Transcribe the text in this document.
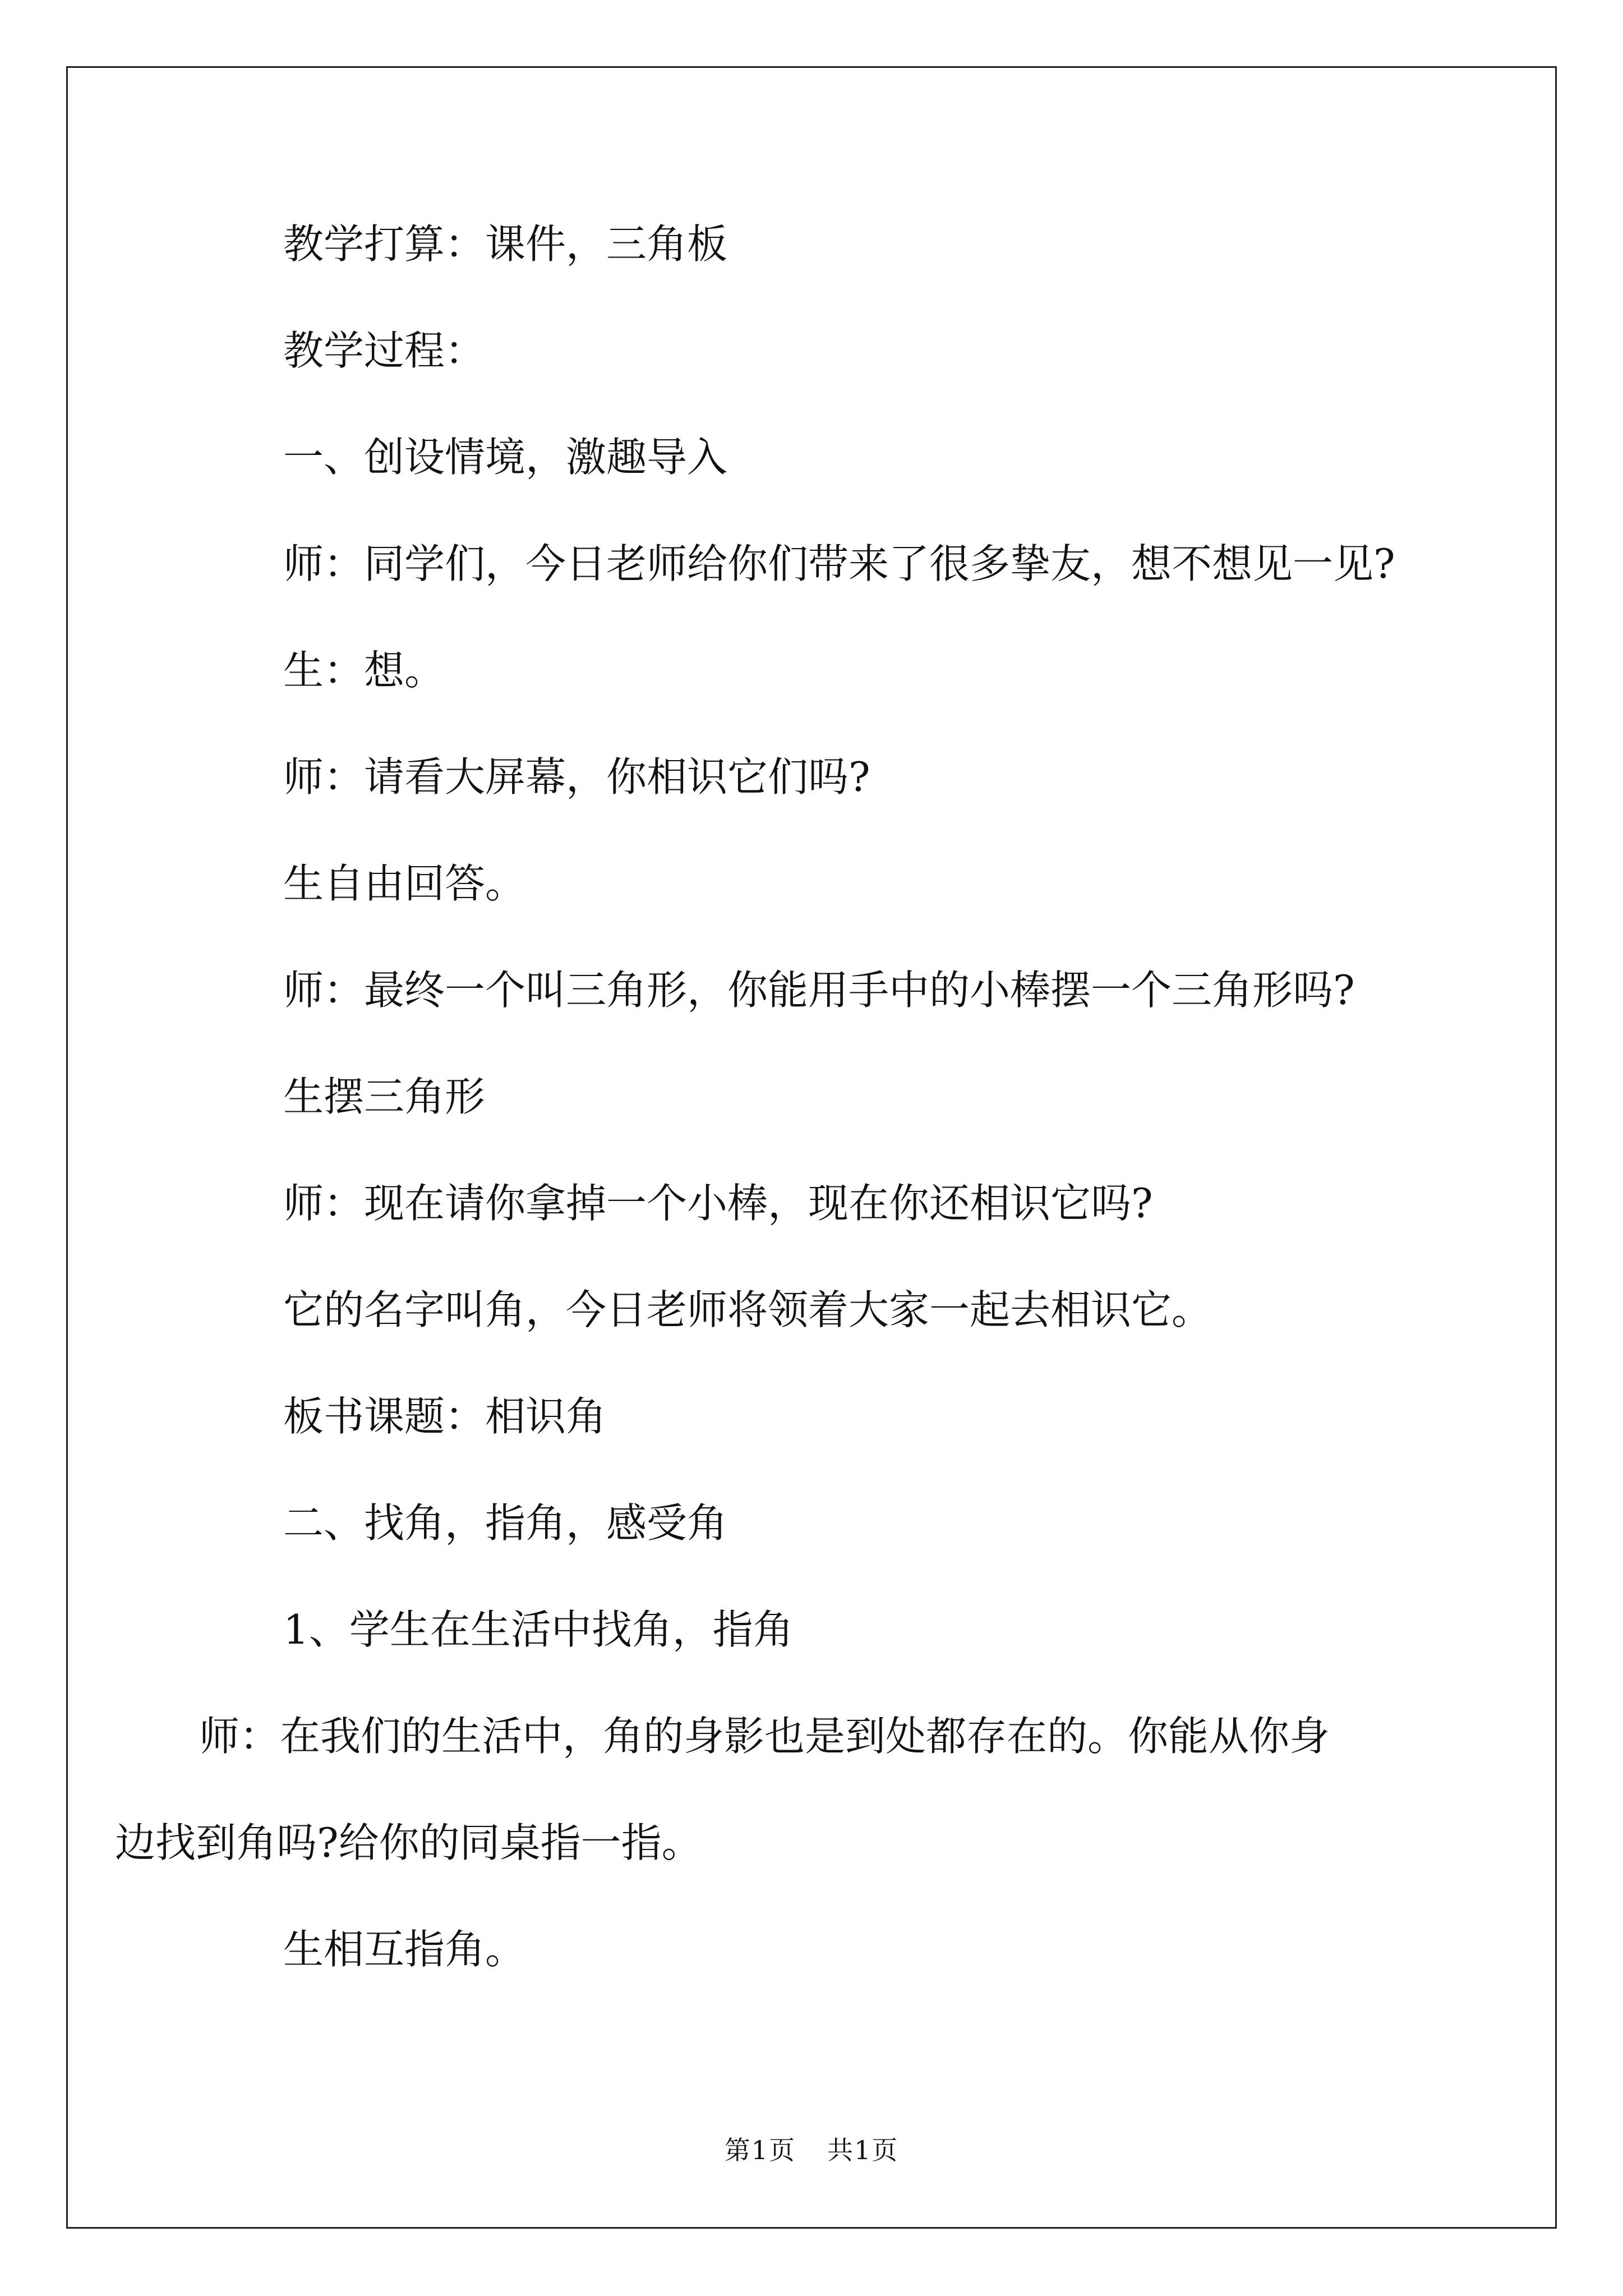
教学打算：课件，三角板

教学过程：

一、创设情境，激趣导入

师：同学们，今日老师给你们带来了很多挚友，想不想见一见?

生：想。

师：请看大屏幕，你相识它们吗?

生自由回答。

师：最终一个叫三角形，你能用手中的小棒摆一个三角形吗?

生摆三角形

师：现在请你拿掉一个小棒，现在你还相识它吗?

它的名字叫角，今日老师将领着大家一起去相识它。

板书课题：相识角

二、找角，指角，感受角

1、学生在生活中找角，指角

师：在我们的生活中，角的身影也是到处都存在的。你能从你身边找到角吗?给你的同桌指一指。

生相互指角。

第1页 共1页
